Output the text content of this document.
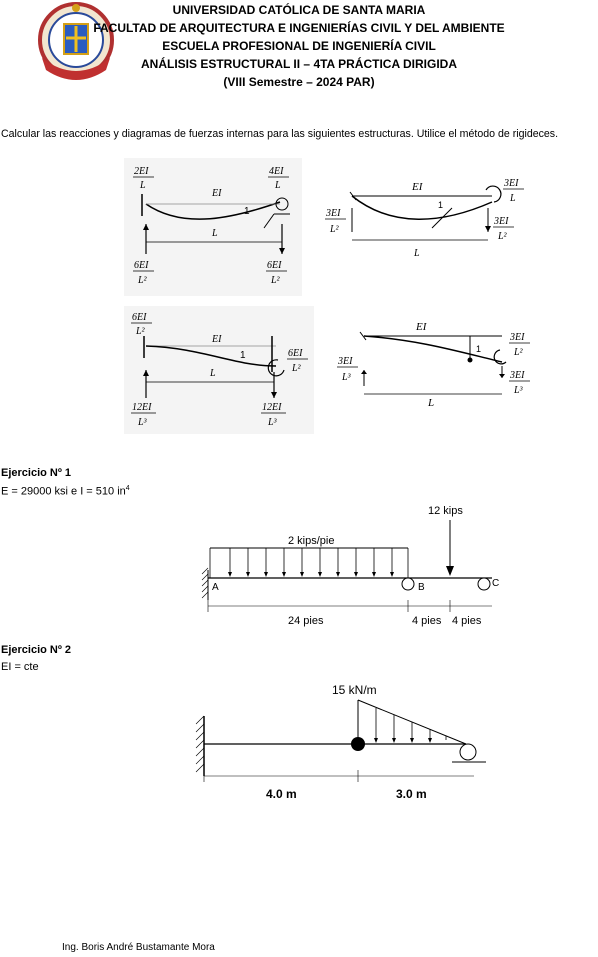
UNIVERSIDAD CATÓLICA DE SANTA MARIA
FACULTAD DE ARQUITECTURA E INGENIERÍAS CIVIL Y DEL AMBIENTE
ESCUELA PROFESIONAL DE INGENIERÍA CIVIL
ANÁLISIS ESTRUCTURAL II – 4TA PRÁCTICA DIRIGIDA
(VIII Semestre – 2024 PAR)
Calcular las reacciones y diagramas de fuerzas internas para las siguientes estructuras. Utilice el método de rigideces.
2EI
L
4EI
L
EI
1
L
6EI
L²
6EI
L²
EI
1
3EI
L
3EI
L²
3EI
L²
L
6EI
L²
EI
1	6EI
L²
L
12EI
L³
12EI
L³
EI
1
3EI
L³
3EI
L²
3EI
L³
L
Ejercicio Nº 1
E = 29000 ksi e I = 510 $in^4$
12 kips
2 kips/pie
A	B	C
24 pies	4 pies 4 pies
Ejercicio Nº 2
EI = cte
15 kN/m
4.0 m	3.0 m
Ing. Boris André Bustamante Mora
